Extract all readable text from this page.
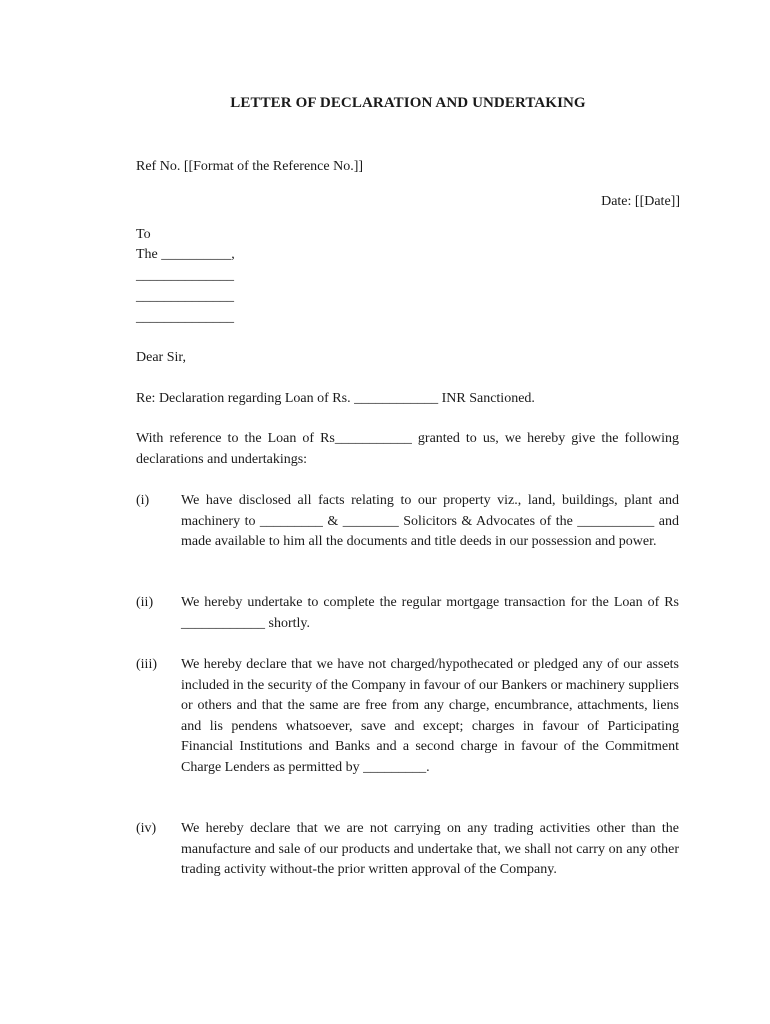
LETTER OF DECLARATION AND UNDERTAKING
Ref No. [[Format of the Reference No.]]
Date: [[Date]]
To
The __________,
______________
______________
______________
Dear Sir,
Re: Declaration regarding Loan of Rs. ____________ INR Sanctioned.
With reference to the Loan of Rs___________ granted to us, we hereby give the following declarations and undertakings:
(i) We have disclosed all facts relating to our property viz., land, buildings, plant and machinery to _________ & ________ Solicitors & Advocates of the ___________ and made available to him all the documents and title deeds in our possession and power.
(ii) We hereby undertake to complete the regular mortgage transaction for the Loan of Rs ____________ shortly.
(iii) We hereby declare that we have not charged/hypothecated or pledged any of our assets included in the security of the Company in favour of our Bankers or machinery suppliers or others and that the same are free from any charge, encumbrance, attachments, liens and lis pendens whatsoever, save and except; charges in favour of Participating Financial Institutions and Banks and a second charge in favour of the Commitment Charge Lenders as permitted by _________.
(iv) We hereby declare that we are not carrying on any trading activities other than the manufacture and sale of our products and undertake that, we shall not carry on any other trading activity without-the prior written approval of the Company.
